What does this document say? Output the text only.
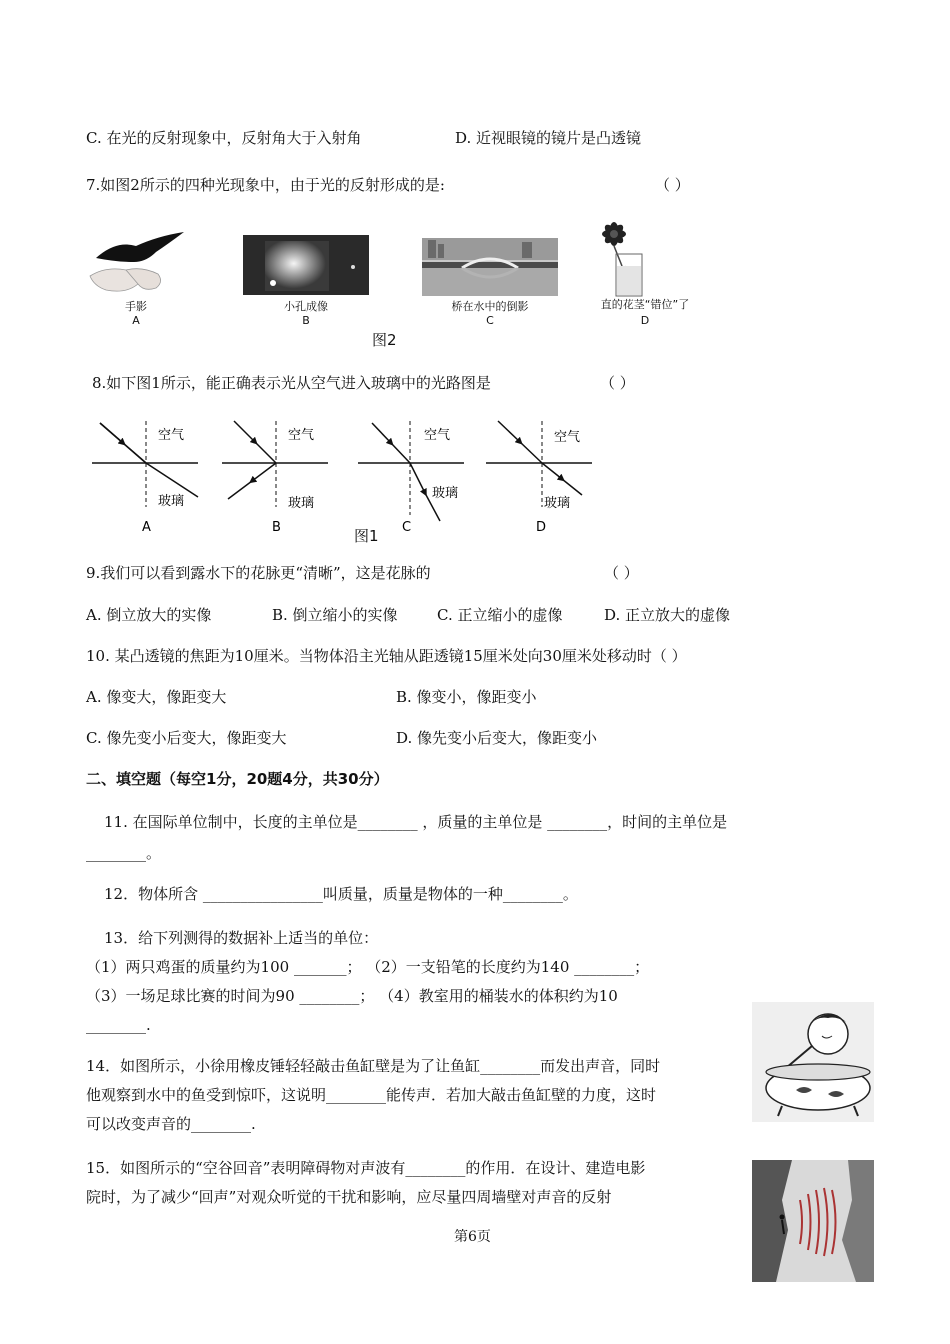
C. 在光的反射现象中，反射角大于入射角	D. 近视眼镜的镜片是凸透镜
7.如图2所示的四种光现象中，由于光的反射形成的是:	（ ）
手影
A
小孔成像
B
桥在水中的倒影
C
直的花茎“错位”了
D
图2
8.如下图1所示，能正确表示光从空气进入玻璃中的光路图是	（ ）
空气
玻璃
A
空气
玻璃
B
空气
玻璃
C
空气
玻璃
D
图1
9.我们可以看到露水下的花脉更“清晰”，这是花脉的	（ ）
A. 倒立放大的实像	B. 倒立缩小的实像	C. 正立缩小的虚像	D. 正立放大的虚像
10. 某凸透镜的焦距为10厘米。当物体沿主光轴从距透镜15厘米处向30厘米处移动时（ ）
A. 像变大，像距变大	B. 像变小，像距变小
C. 像先变小后变大，像距变大	D. 像先变小后变大，像距变小
二、填空题（每空1分，20题4分，共30分）
11. 在国际单位制中，长度的主单位是________ ，质量的主单位是 ________，时间的主单位是
________。
12．物体所含 ________________叫质量，质量是物体的一种________。
13．给下列测得的数据补上适当的单位：
（1）两只鸡蛋的质量约为100 _______； （2）一支铅笔的长度约为140 ________；
（3）一场足球比赛的时间为90 ________； （4）教室用的桶装水的体积约为10
________.
14．如图所示，小徐用橡皮锤轻轻敲击鱼缸壁是为了让鱼缸________而发出声音，同时
他观察到水中的鱼受到惊吓，这说明________能传声．若加大敲击鱼缸壁的力度，这时
可以改变声音的________.
15．如图所示的“空谷回音”表明障碍物对声波有________的作用．在设计、建造电影
院时，为了减少“回声”对观众听觉的干扰和影响，应尽量四周墙壁对声音的反射
第6页
